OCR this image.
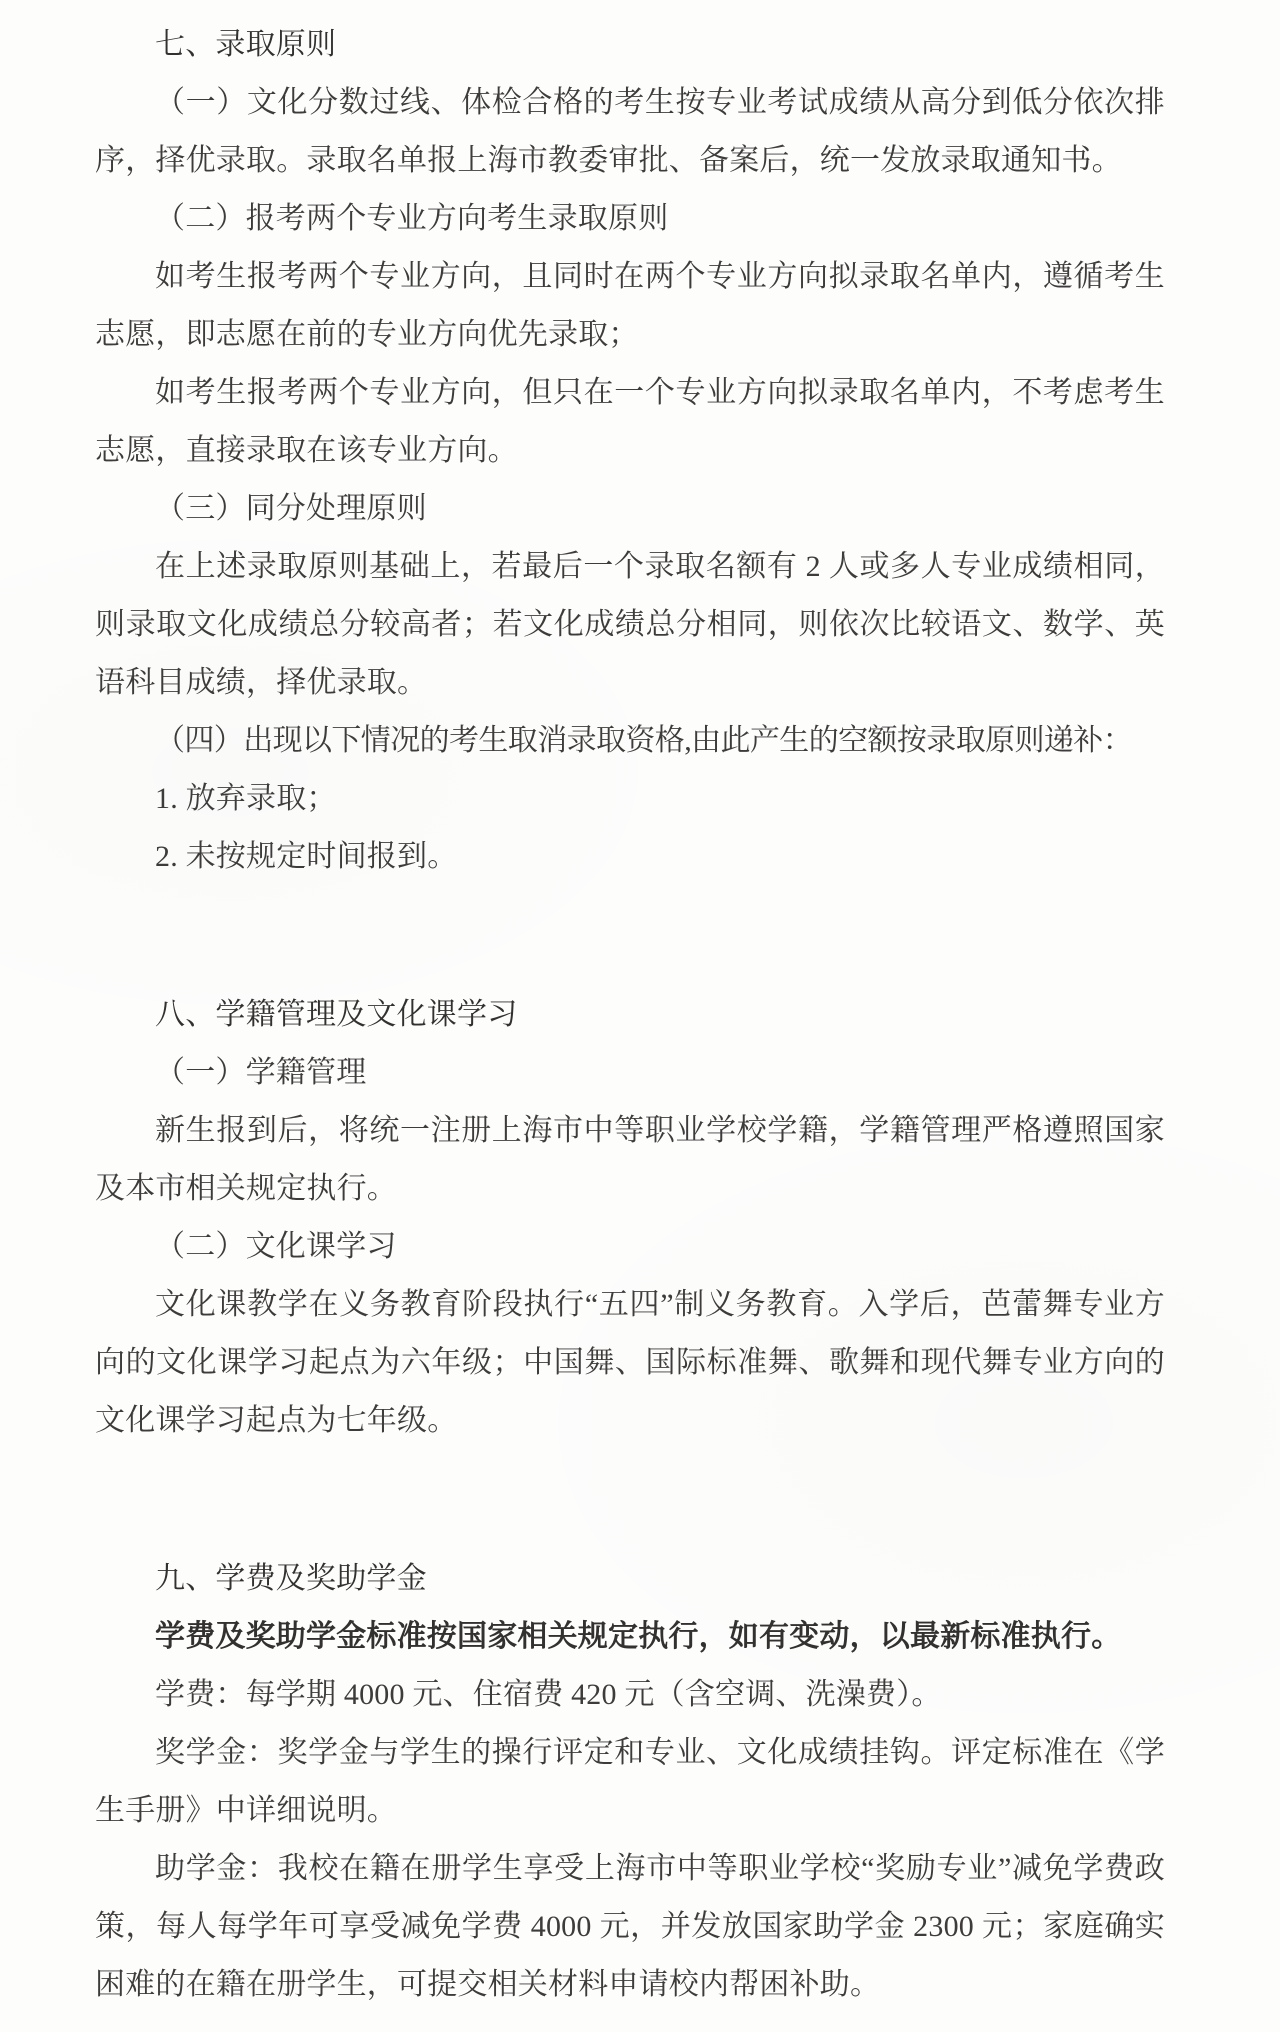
七、录取原则

（一）文化分数过线、体检合格的考生按专业考试成绩从高分到低分依次排序，择优录取。录取名单报上海市教委审批、备案后，统一发放录取通知书。

（二）报考两个专业方向考生录取原则

如考生报考两个专业方向，且同时在两个专业方向拟录取名单内，遵循考生志愿，即志愿在前的专业方向优先录取；

如考生报考两个专业方向，但只在一个专业方向拟录取名单内，不考虑考生志愿，直接录取在该专业方向。

（三）同分处理原则

在上述录取原则基础上，若最后一个录取名额有 2 人或多人专业成绩相同，则录取文化成绩总分较高者；若文化成绩总分相同，则依次比较语文、数学、英语科目成绩，择优录取。

（四）出现以下情况的考生取消录取资格,由此产生的空额按录取原则递补：

1. 放弃录取；

2. 未按规定时间报到。

八、学籍管理及文化课学习

（一）学籍管理

新生报到后，将统一注册上海市中等职业学校学籍，学籍管理严格遵照国家及本市相关规定执行。

（二）文化课学习

文化课教学在义务教育阶段执行“五四”制义务教育。入学后，芭蕾舞专业方向的文化课学习起点为六年级；中国舞、国际标准舞、歌舞和现代舞专业方向的文化课学习起点为七年级。

九、学费及奖助学金

学费及奖助学金标准按国家相关规定执行，如有变动，以最新标准执行。

学费：每学期 4000 元、住宿费 420 元（含空调、洗澡费）。

奖学金：奖学金与学生的操行评定和专业、文化成绩挂钩。评定标准在《学生手册》中详细说明。

助学金：我校在籍在册学生享受上海市中等职业学校“奖励专业”减免学费政策，每人每学年可享受减免学费 4000 元，并发放国家助学金 2300 元；家庭确实困难的在籍在册学生，可提交相关材料申请校内帮困补助。
